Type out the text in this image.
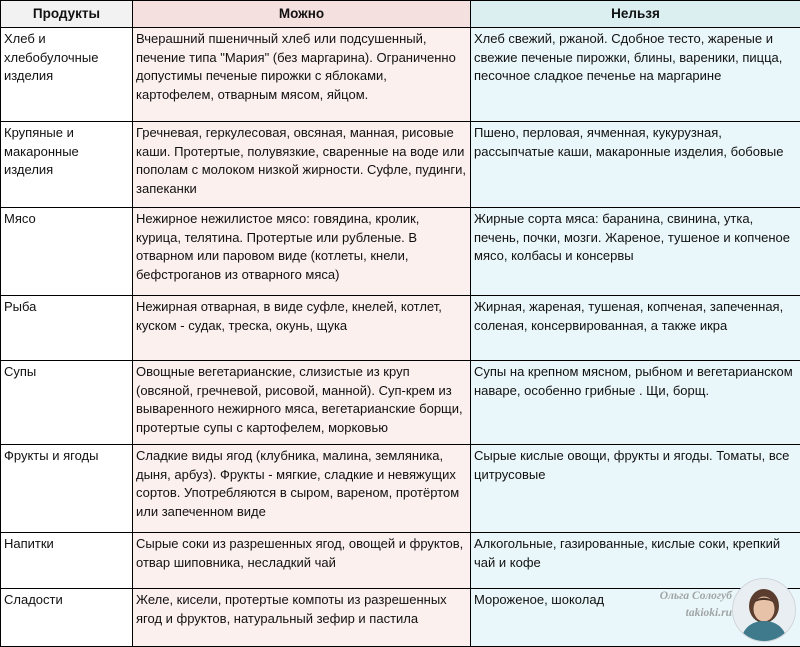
Продукты	Можно	Нельзя
Хлеб и хлебобулочные изделия	Вчерашний пшеничный хлеб или подсушенный, печение типа "Мария" (без маргарина). Ограниченно допустимы печеные пирожки с яблоками, картофелем, отварным мясом, яйцом.	Хлеб свежий, ржаной. Сдобное тесто, жареные и свежие печеные пирожки, блины, вареники, пицца, песочное сладкое печенье на маргарине
Крупяные и макаронные изделия	Гречневая, геркулесовая, овсяная, манная, рисовые каши. Протертые, полувязкие, сваренные на воде или пополам с молоком низкой жирности. Суфле, пудинги, запеканки	Пшено, перловая, ячменная, кукурузная, рассыпчатые каши, макаронные изделия, бобовые
Мясо	Нежирное нежилистое мясо: говядина, кролик, курица, телятина. Протертые или рубленые. В отварном или паровом виде (котлеты, кнели, бефстроганов из отварного мяса)	Жирные сорта мяса: баранина, свинина, утка, печень, почки, мозги. Жареное, тушеное и копченое мясо, колбасы и консервы
Рыба	Нежирная отварная, в виде суфле, кнелей, котлет, куском - судак, треска, окунь, щука	Жирная, жареная, тушеная, копченая, запеченная, соленая, консервированная, а также икра
Супы	Овощные вегетарианские, слизистые из круп (овсяной, гречневой, рисовой, манной). Суп-крем из вываренного нежирного мяса, вегетарианские борщи, протертые супы с картофелем, морковью	Супы на крепном мясном, рыбном и вегетарианском наваре, особенно грибные . Щи, борщ.
Фрукты и ягоды	Сладкие виды ягод (клубника, малина, земляника, дыня, арбуз). Фрукты - мягкие, сладкие и невяжущих сортов. Употребляются в сыром, вареном, протёртом или запеченном виде	Сырые кислые овощи, фрукты и ягоды. Томаты, все цитрусовые
Напитки	Сырые соки из разрешенных ягод, овощей и фруктов, отвар шиповника, несладкий чай	Алкогольные, газированные, кислые соки, крепкий чай и кофе
Сладости	Желе, кисели, протертые компоты из разрешенных ягод и фруктов, натуральный зефир и пастила	Мороженое, шоколад	Ольга Сологуб
takioki.ru
